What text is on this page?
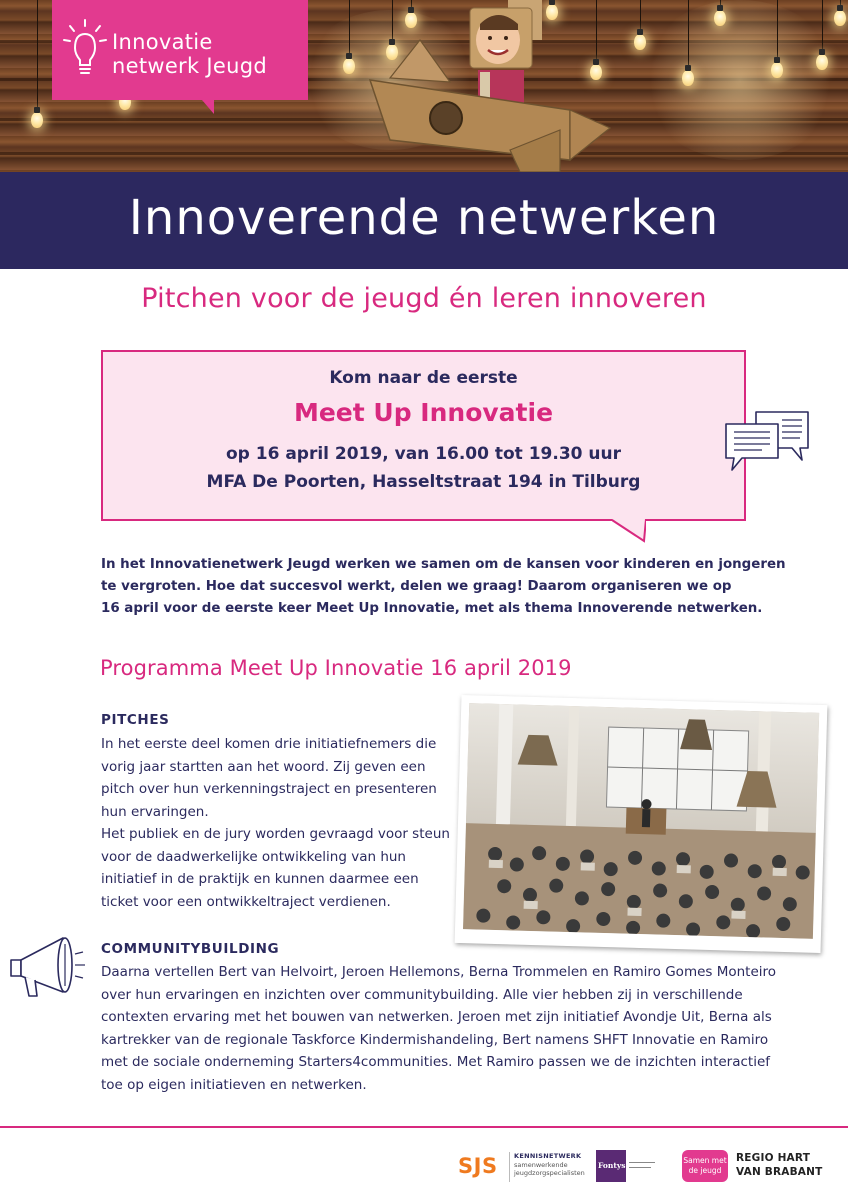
Innovatie
netwerk Jeugd
Innoverende netwerken
Pitchen voor de jeugd én leren innoveren
Kom naar de eerste
Meet Up Innovatie
op 16 april 2019, van 16.00 tot 19.30 uur
MFA De Poorten, Hasseltstraat 194 in Tilburg
In het Innovatienetwerk Jeugd werken we samen om de kansen voor kinderen en jongeren
te vergroten. Hoe dat succesvol werkt, delen we graag! Daarom organiseren we op
16 april voor de eerste keer Meet Up Innovatie, met als thema Innoverende netwerken.
Programma Meet Up Innovatie 16 april 2019
PITCHES
In het eerste deel komen drie initiatiefnemers die
vorig jaar startten aan het woord. Zij geven een
pitch over hun verkenningstraject en presenteren
hun ervaringen.
Het publiek en de jury worden gevraagd voor steun
voor de daadwerkelijke ontwikkeling van hun
initiatief in de praktijk en kunnen daarmee een
ticket voor een ontwikkeltraject verdienen.
COMMUNITYBUILDING
Daarna vertellen Bert van Helvoirt, Jeroen Hellemons, Berna Trommelen en Ramiro Gomes Monteiro
over hun ervaringen en inzichten over communitybuilding. Alle vier hebben zij in verschillende
contexten ervaring met het bouwen van netwerken. Jeroen met zijn initiatief Avondje Uit, Berna als
kartrekker van de regionale Taskforce Kindermishandeling, Bert namens SHFT Innovatie en Ramiro
met de sociale onderneming Starters4communities. Met Ramiro passen we de inzichten interactief
toe op eigen initiatieven en netwerken.
SJS	KENNISNETWERK
samenwerkende
jeugdzorgspecialisten
Fontys
Samen met
de jeugd
REGIO HART
VAN BRABANT
